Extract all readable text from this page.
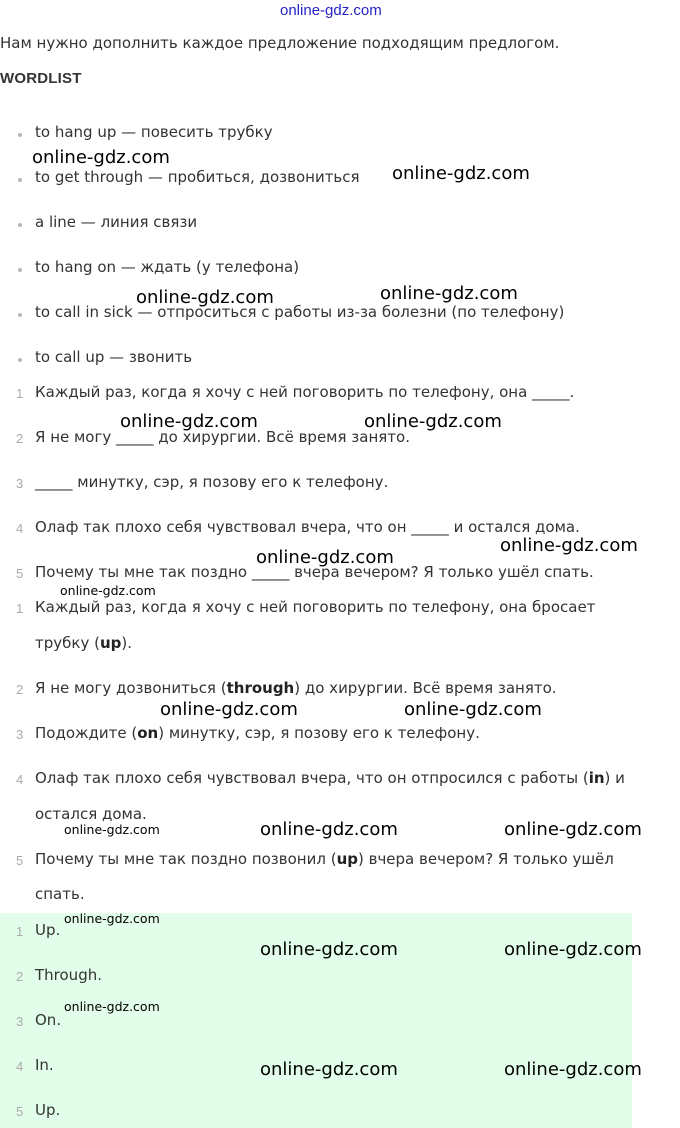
online-gdz.com
Нам нужно дополнить каждое предложение подходящим предлогом.
WORDLIST
to hang up — повесить трубку
to get through — пробиться, дозвониться
a line — линия связи
to hang on — ждать (у телефона)
to call in sick — отпроситься с работы из-за болезни (по телефону)
to call up — звонить
1 Каждый раз, когда я хочу с ней поговорить по телефону, она _____.
2 Я не могу _____ до хирургии. Всё время занято.
3 _____ минутку, сэр, я позову его к телефону.
4 Олаф так плохо себя чувствовал вчера, что он _____ и остался дома.
5 Почему ты мне так поздно _____ вчера вечером? Я только ушёл спать.
1 Каждый раз, когда я хочу с ней поговорить по телефону, она бросает
трубку (up).
2 Я не могу дозвониться (through) до хирургии. Всё время занято.
3 Подождите (on) минутку, сэр, я позову его к телефону.
4 Олаф так плохо себя чувствовал вчера, что он отпросился с работы (in) и
остался дома.
5 Почему ты мне так поздно позвонил (up) вчера вечером? Я только ушёл
спать.
1 Up.
2 Through.
3 On.
4 In.
5 Up.
online-gdz.com
online-gdz.com
online-gdz.com	online-gdz.com
online-gdz.com	online-gdz.com
online-gdz.com
online-gdz.com
online-gdz.com
online-gdz.com	online-gdz.com
online-gdz.com	online-gdz.com	online-gdz.com
online-gdz.com
online-gdz.com	online-gdz.com
online-gdz.com
online-gdz.com	online-gdz.com
